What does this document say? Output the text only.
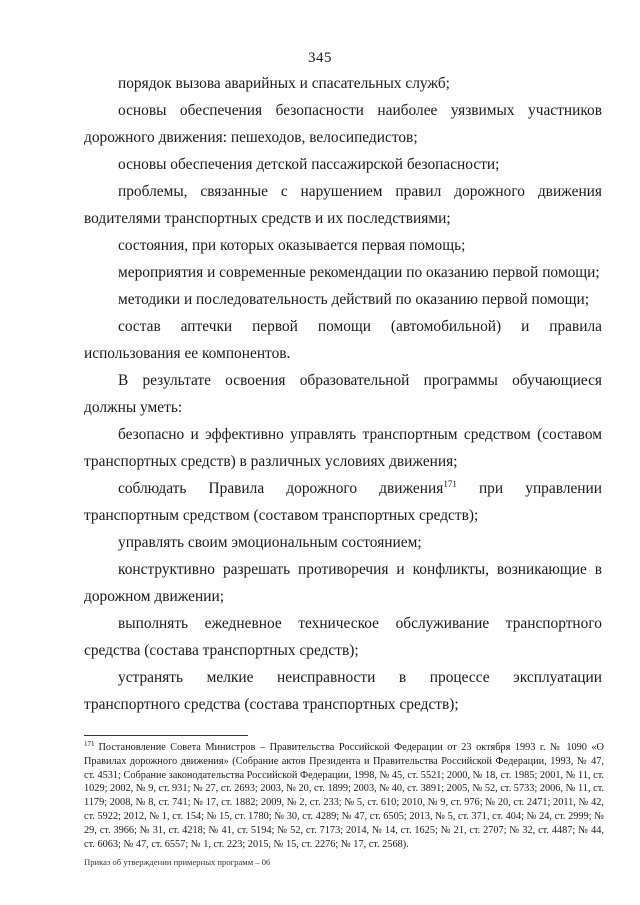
345

порядок вызова аварийных и спасательных служб;

основы обеспечения безопасности наиболее уязвимых участников дорожного движения: пешеходов, велосипедистов;

основы обеспечения детской пассажирской безопасности;

проблемы, связанные с нарушением правил дорожного движения водителями транспортных средств и их последствиями;

состояния, при которых оказывается первая помощь;

мероприятия и современные рекомендации по оказанию первой помощи;

методики и последовательность действий по оказанию первой помощи;

состав аптечки первой помощи (автомобильной) и правила использования ее компонентов.

В результате освоения образовательной программы обучающиеся должны уметь:

безопасно и эффективно управлять транспортным средством (составом транспортных средств) в различных условиях движения;

соблюдать Правила дорожного движения$^{171}$ при управлении транспортным средством (составом транспортных средств);

управлять своим эмоциональным состоянием;

конструктивно разрешать противоречия и конфликты, возникающие в дорожном движении;

выполнять ежедневное техническое обслуживание транспортного средства (состава транспортных средств);

устранять мелкие неисправности в процессе эксплуатации транспортного средства (состава транспортных средств);

$^{171}$ Постановление Совета Министров – Правительства Российской Федерации от 23 октября 1993 г. № 1090 «О Правилах дорожного движения» (Собрание актов Президента и Правительства Российской Федерации, 1993, № 47, ст. 4531; Собрание законодательства Российской Федерации, 1998, № 45, ст. 5521; 2000, № 18, ст. 1985; 2001, № 11, ст. 1029; 2002, № 9, ст. 931; № 27, ст. 2693; 2003, № 20, ст. 1899; 2003, № 40, ст. 3891; 2005, № 52, ст. 5733; 2006, № 11, ст. 1179; 2008, № 8, ст. 741; № 17, ст. 1882; 2009, № 2, ст. 233; № 5, ст. 610; 2010, № 9, ст. 976; № 20, ст. 2471; 2011, № 42, ст. 5922; 2012, № 1, ст. 154; № 15, ст. 1780; № 30, ст. 4289; № 47, ст. 6505; 2013, № 5, ст. 371, ст. 404; № 24, ст. 2999; № 29, ст. 3966; № 31, ст. 4218; № 41, ст. 5194; № 52, ст. 7173; 2014, № 14, ст. 1625; № 21, ст. 2707; № 32, ст. 4487; № 44, ст. 6063; № 47, ст. 6557; № 1, ст. 223; 2015, № 15, ст. 2276; № 17, ст. 2568).
Приказ об утверждении примерных программ – 06
